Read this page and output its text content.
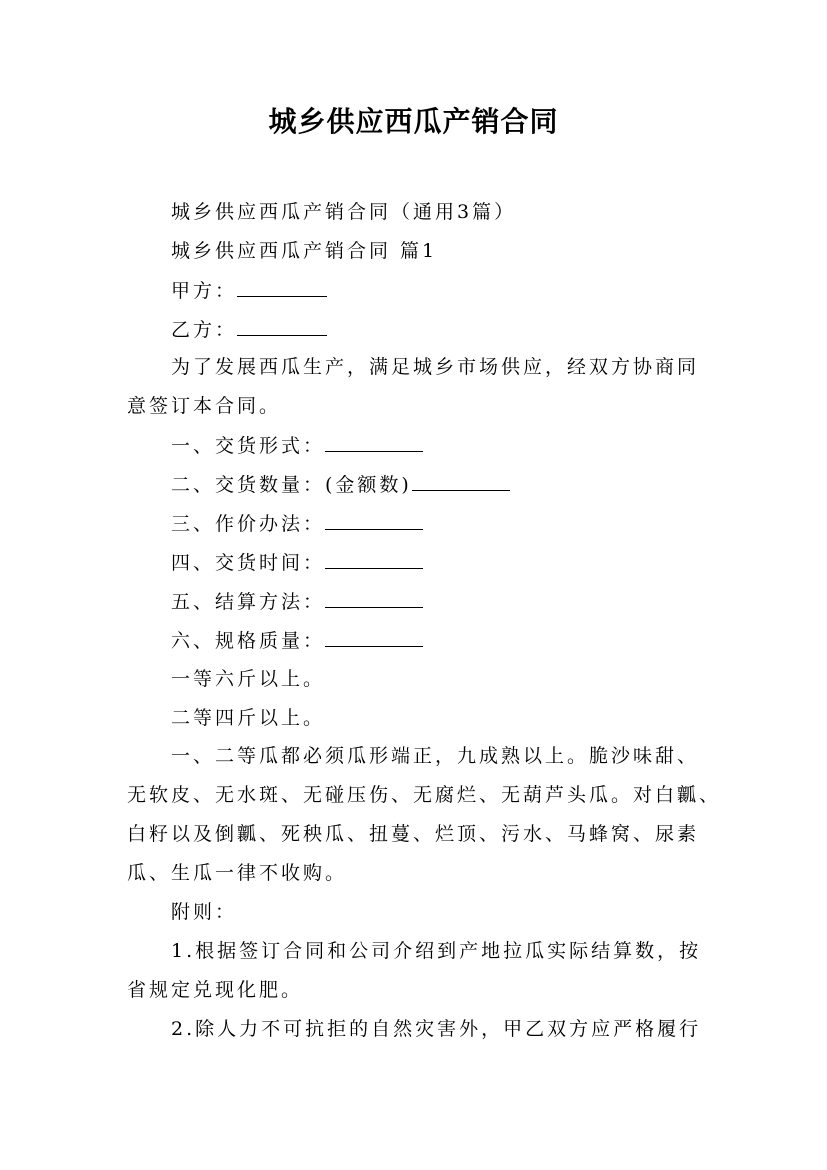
城乡供应西瓜产销合同
城乡供应西瓜产销合同（通用3篇）
城乡供应西瓜产销合同 篇1
甲方：
乙方：
为了发展西瓜生产，满足城乡市场供应，经双方协商同
意签订本合同。
一、交货形式：
二、交货数量：(金额数)
三、作价办法：
四、交货时间：
五、结算方法：
六、规格质量：
一等六斤以上。
二等四斤以上。
一、二等瓜都必须瓜形端正，九成熟以上。脆沙味甜、
无软皮、无水斑、无碰压伤、无腐烂、无葫芦头瓜。对白瓤、
白籽以及倒瓤、死秧瓜、扭蔓、烂顶、污水、马蜂窝、尿素
瓜、生瓜一律不收购。
附则：
1.根据签订合同和公司介绍到产地拉瓜实际结算数，按
省规定兑现化肥。
2.除人力不可抗拒的自然灾害外，甲乙双方应严格履行
